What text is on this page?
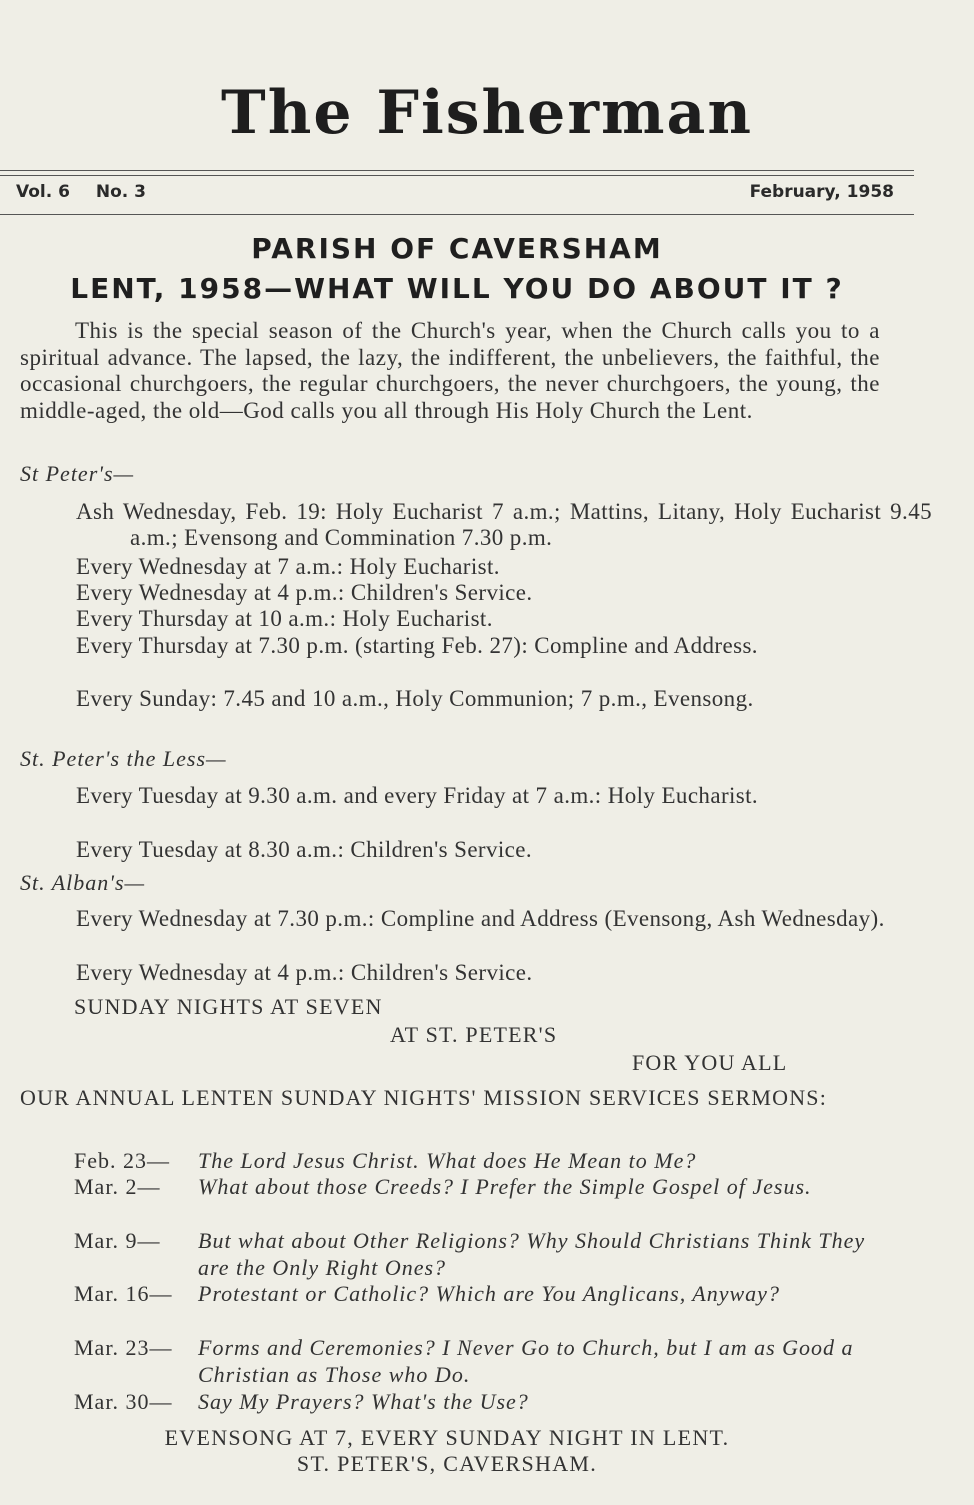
The Fisherman
Vol. 6 No. 3	February, 1958
PARISH OF CAVERSHAM
LENT, 1958—WHAT WILL YOU DO ABOUT IT ?
This is the special season of the Church's year, when the Church calls you to a spiritual advance. The lapsed, the lazy, the indifferent, the unbelievers, the faithful, the occasional churchgoers, the regular churchgoers, the never churchgoers, the young, the middle-aged, the old—God calls you all through His Holy Church the Lent.
St Peter's—
Ash Wednesday, Feb. 19: Holy Eucharist 7 a.m.; Mattins, Litany, Holy Eucharist 9.45 a.m.; Evensong and Commination 7.30 p.m.
Every Wednesday at 7 a.m.: Holy Eucharist.
Every Wednesday at 4 p.m.: Children's Service.
Every Thursday at 10 a.m.: Holy Eucharist.
Every Thursday at 7.30 p.m. (starting Feb. 27): Compline and Address.
Every Sunday: 7.45 and 10 a.m., Holy Communion; 7 p.m., Evensong.
St. Peter's the Less—
Every Tuesday at 9.30 a.m. and every Friday at 7 a.m.: Holy Eucharist.
Every Tuesday at 8.30 a.m.: Children's Service.
St. Alban's—
Every Wednesday at 7.30 p.m.: Compline and Address (Evensong, Ash Wednesday).
Every Wednesday at 4 p.m.: Children's Service.
SUNDAY NIGHTS AT SEVEN
AT ST. PETER'S
FOR YOU ALL
OUR ANNUAL LENTEN SUNDAY NIGHTS' MISSION SERVICES SERMONS:
Feb. 23—	The Lord Jesus Christ. What does He Mean to Me?
Mar. 2—	What about those Creeds? I Prefer the Simple Gospel of Jesus.
Mar. 9—	But what about Other Religions? Why Should Christians Think They are the Only Right Ones?
Mar. 16—	Protestant or Catholic? Which are You Anglicans, Anyway?
Mar. 23—	Forms and Ceremonies? I Never Go to Church, but I am as Good a Christian as Those who Do.
Mar. 30—	Say My Prayers? What's the Use?
EVENSONG AT 7, EVERY SUNDAY NIGHT IN LENT.
ST. PETER'S, CAVERSHAM.
